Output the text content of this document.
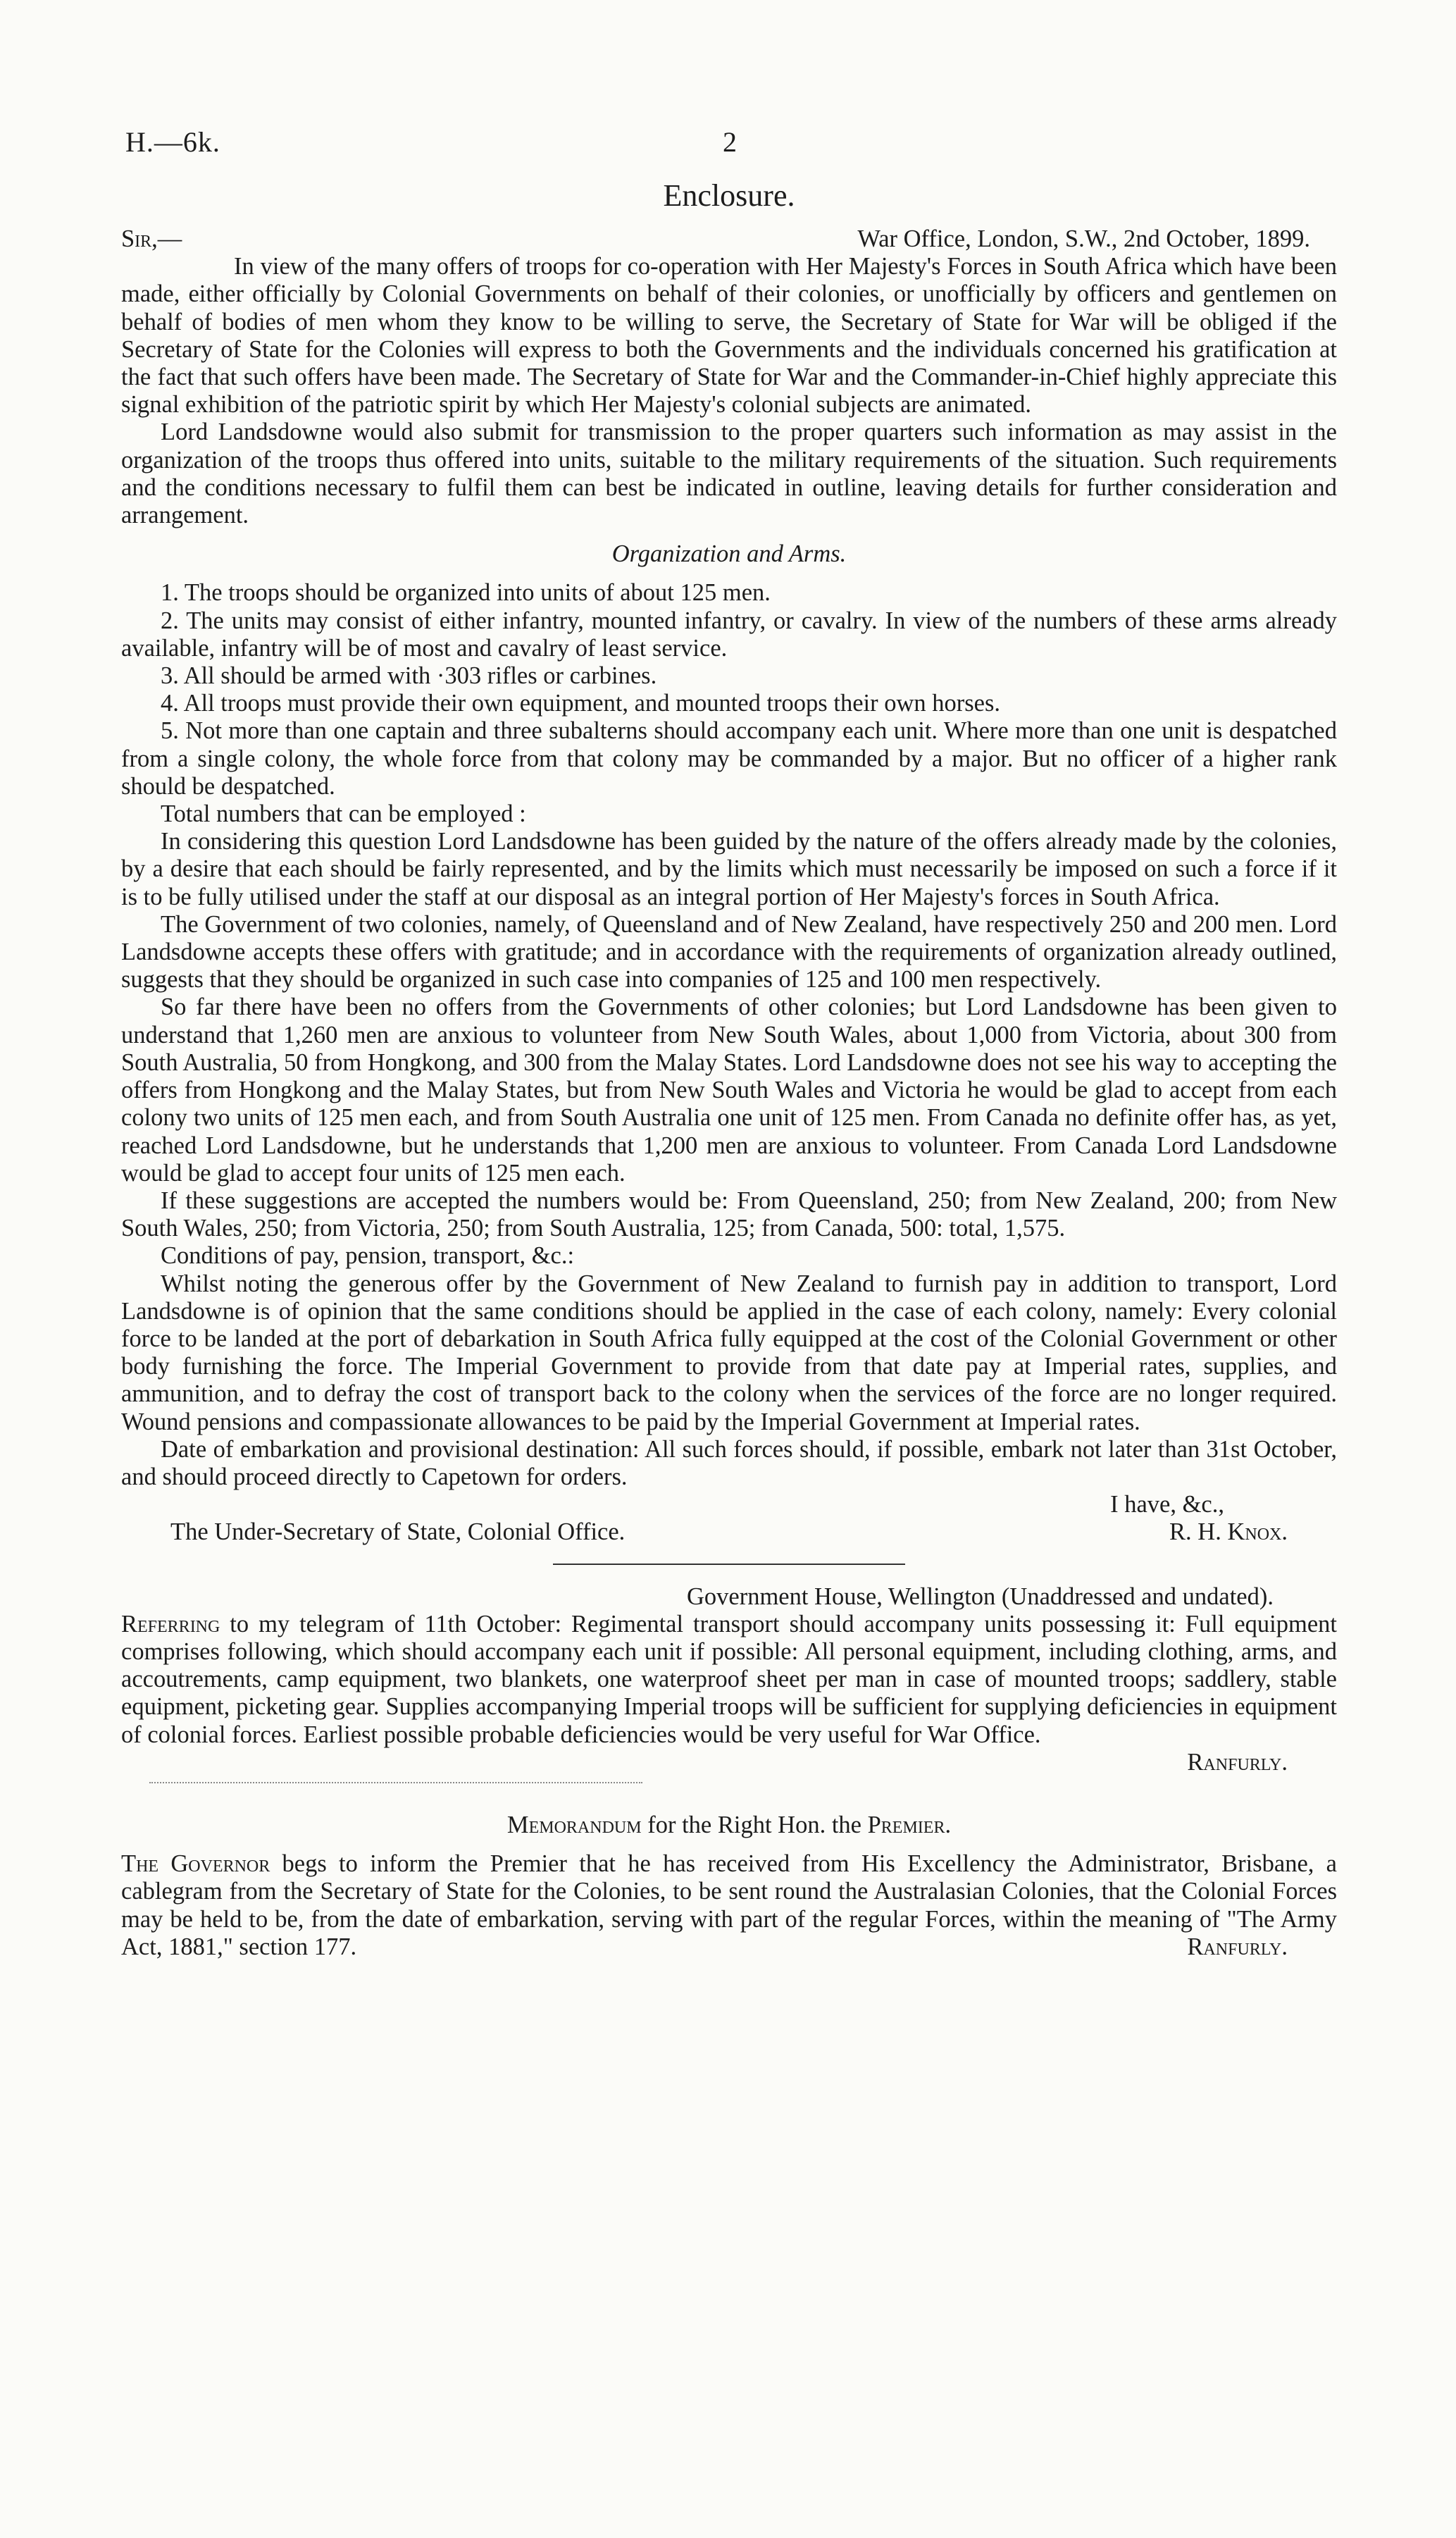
H.—6k.	2

Enclosure.

Sir,—	War Office, London, S.W., 2nd October, 1899.

In view of the many offers of troops for co-operation with Her Majesty's Forces in South Africa which have been made, either officially by Colonial Governments on behalf of their colonies, or unofficially by officers and gentlemen on behalf of bodies of men whom they know to be willing to serve, the Secretary of State for War will be obliged if the Secretary of State for the Colonies will express to both the Governments and the individuals concerned his gratification at the fact that such offers have been made. The Secretary of State for War and the Commander-in-Chief highly appreciate this signal exhibition of the patriotic spirit by which Her Majesty's colonial subjects are animated.

Lord Landsdowne would also submit for transmission to the proper quarters such information as may assist in the organization of the troops thus offered into units, suitable to the military requirements of the situation. Such requirements and the conditions necessary to fulfil them can best be indicated in outline, leaving details for further consideration and arrangement.

Organization and Arms.

1. The troops should be organized into units of about 125 men.

2. The units may consist of either infantry, mounted infantry, or cavalry. In view of the numbers of these arms already available, infantry will be of most and cavalry of least service.

3. All should be armed with ·303 rifles or carbines.

4. All troops must provide their own equipment, and mounted troops their own horses.

5. Not more than one captain and three subalterns should accompany each unit. Where more than one unit is despatched from a single colony, the whole force from that colony may be commanded by a major. But no officer of a higher rank should be despatched.

Total numbers that can be employed :

In considering this question Lord Landsdowne has been guided by the nature of the offers already made by the colonies, by a desire that each should be fairly represented, and by the limits which must necessarily be imposed on such a force if it is to be fully utilised under the staff at our disposal as an integral portion of Her Majesty's forces in South Africa.

The Government of two colonies, namely, of Queensland and of New Zealand, have respectively 250 and 200 men. Lord Landsdowne accepts these offers with gratitude; and in accordance with the requirements of organization already outlined, suggests that they should be organized in such case into companies of 125 and 100 men respectively.

So far there have been no offers from the Governments of other colonies; but Lord Landsdowne has been given to understand that 1,260 men are anxious to volunteer from New South Wales, about 1,000 from Victoria, about 300 from South Australia, 50 from Hongkong, and 300 from the Malay States. Lord Landsdowne does not see his way to accepting the offers from Hongkong and the Malay States, but from New South Wales and Victoria he would be glad to accept from each colony two units of 125 men each, and from South Australia one unit of 125 men. From Canada no definite offer has, as yet, reached Lord Landsdowne, but he understands that 1,200 men are anxious to volunteer. From Canada Lord Landsdowne would be glad to accept four units of 125 men each.

If these suggestions are accepted the numbers would be: From Queensland, 250; from New Zealand, 200; from New South Wales, 250; from Victoria, 250; from South Australia, 125; from Canada, 500: total, 1,575.

Conditions of pay, pension, transport, &c.:

Whilst noting the generous offer by the Government of New Zealand to furnish pay in addition to transport, Lord Landsdowne is of opinion that the same conditions should be applied in the case of each colony, namely: Every colonial force to be landed at the port of debarkation in South Africa fully equipped at the cost of the Colonial Government or other body furnishing the force. The Imperial Government to provide from that date pay at Imperial rates, supplies, and ammunition, and to defray the cost of transport back to the colony when the services of the force are no longer required. Wound pensions and compassionate allowances to be paid by the Imperial Government at Imperial rates.

Date of embarkation and provisional destination: All such forces should, if possible, embark not later than 31st October, and should proceed directly to Capetown for orders.

I have, &c.,

The Under-Secretary of State, Colonial Office.	R. H. Knox.

Government House, Wellington (Unaddressed and undated).

Referring to my telegram of 11th October: Regimental transport should accompany units possessing it: Full equipment comprises following, which should accompany each unit if possible: All personal equipment, including clothing, arms, and accoutrements, camp equipment, two blankets, one waterproof sheet per man in case of mounted troops; saddlery, stable equipment, picketing gear. Supplies accompanying Imperial troops will be sufficient for supplying deficiencies in equipment of colonial forces. Earliest possible probable deficiencies would be very useful for War Office.

Ranfurly.

Memorandum for the Right Hon. the Premier.

The Governor begs to inform the Premier that he has received from His Excellency the Administrator, Brisbane, a cablegram from the Secretary of State for the Colonies, to be sent round the Australasian Colonies, that the Colonial Forces may be held to be, from the date of embarkation, serving with part of the regular Forces, within the meaning of "The Army Act, 1881," section 177.	Ranfurly.
